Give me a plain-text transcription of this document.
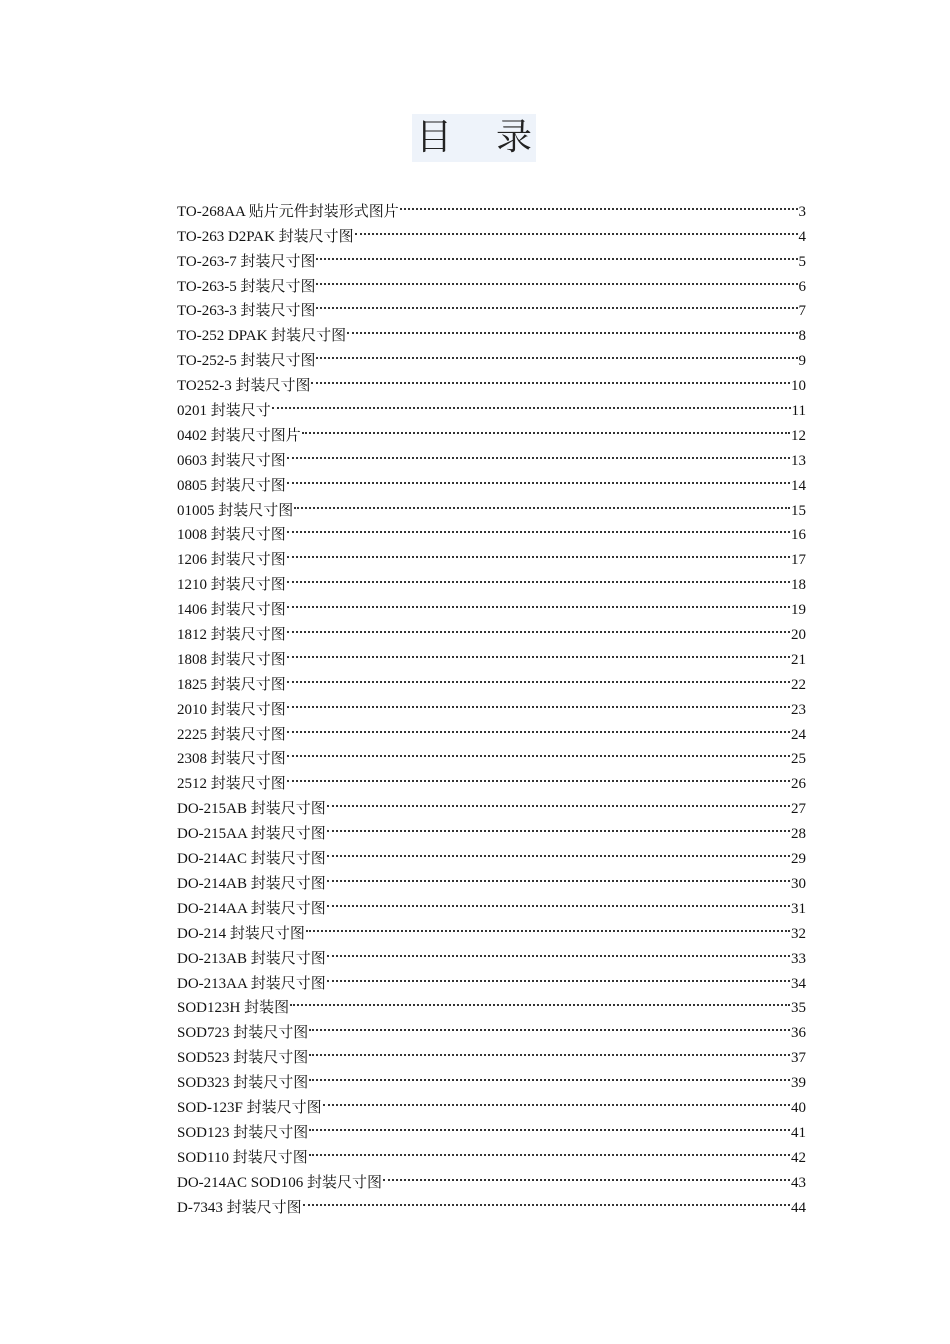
目 录
TO-268AA 贴片元件封装形式图片	3
TO-263 D2PAK 封装尺寸图	4
TO-263-7 封装尺寸图	5
TO-263-5 封装尺寸图	6
TO-263-3 封装尺寸图	7
TO-252 DPAK 封装尺寸图	8
TO-252-5 封装尺寸图	9
TO252-3 封装尺寸图	10
0201 封装尺寸	11
0402 封装尺寸图片	12
0603 封装尺寸图	13
0805 封装尺寸图	14
01005 封装尺寸图	15
1008 封装尺寸图	16
1206 封装尺寸图	17
1210 封装尺寸图	18
1406 封装尺寸图	19
1812 封装尺寸图	20
1808 封装尺寸图	21
1825 封装尺寸图	22
2010 封装尺寸图	23
2225 封装尺寸图	24
2308 封装尺寸图	25
2512 封装尺寸图	26
DO-215AB 封装尺寸图	27
DO-215AA 封装尺寸图	28
DO-214AC 封装尺寸图	29
DO-214AB 封装尺寸图	30
DO-214AA 封装尺寸图	31
DO-214 封装尺寸图	32
DO-213AB 封装尺寸图	33
DO-213AA 封装尺寸图	34
SOD123H 封装图	35
SOD723 封装尺寸图	36
SOD523 封装尺寸图	37
SOD323 封装尺寸图	39
SOD-123F 封装尺寸图	40
SOD123 封装尺寸图	41
SOD110 封装尺寸图	42
DO-214AC SOD106 封装尺寸图	43
D-7343 封装尺寸图	44
